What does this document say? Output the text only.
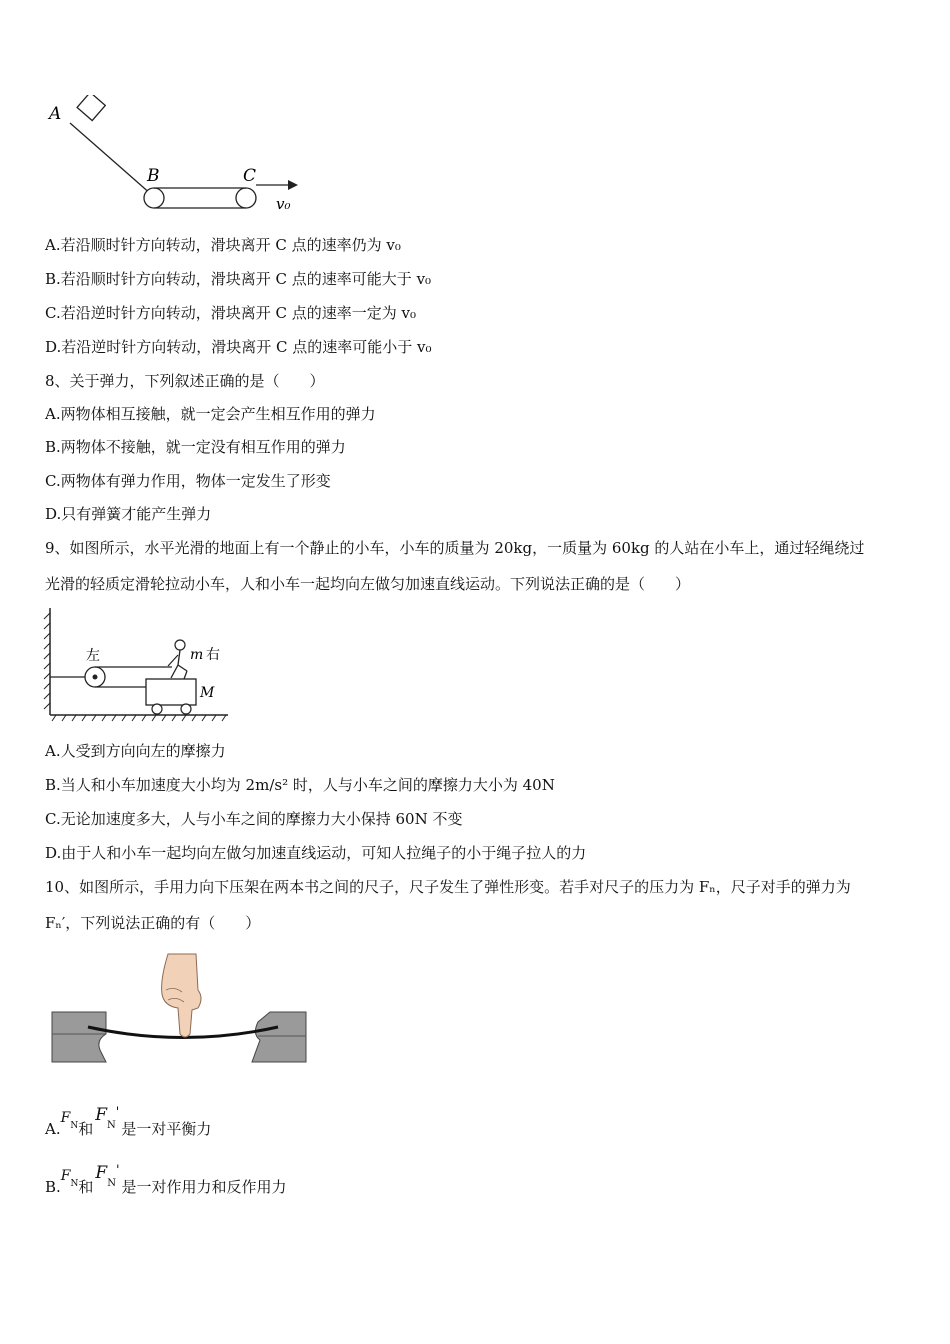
A
B	C
v₀
A.若沿顺时针方向转动，滑块离开 C 点的速率仍为 v₀
B.若沿顺时针方向转动，滑块离开 C 点的速率可能大于 v₀
C.若沿逆时针方向转动，滑块离开 C 点的速率一定为 v₀
D.若沿逆时针方向转动，滑块离开 C 点的速率可能小于 v₀
8、关于弹力，下列叙述正确的是（　　）
A.两物体相互接触，就一定会产生相互作用的弹力
B.两物体不接触，就一定没有相互作用的弹力
C.两物体有弹力作用，物体一定发生了形变
D.只有弹簧才能产生弹力
9、如图所示，水平光滑的地面上有一个静止的小车，小车的质量为 20kg，一质量为 60kg 的人站在小车上，通过轻绳绕过
光滑的轻质定滑轮拉动小车，人和小车一起均向左做匀加速直线运动。下列说法正确的是（　　）
左	m 右
M
A.人受到方向向左的摩擦力
B.当人和小车加速度大小均为 2m/s² 时，人与小车之间的摩擦力大小为 40N
C.无论加速度多大，人与小车之间的摩擦力大小保持 60N 不变
D.由于人和小车一起均向左做匀加速直线运动，可知人拉绳子的小于绳子拉人的力
10、如图所示，手用力向下压架在两本书之间的尺子，尺子发生了弹性形变。若手对尺子的压力为 Fₙ，尺子对手的弹力为
Fₙ′，下列说法正确的有（　　）
$A.F_N$和$F_N'$是一对平衡力
$B.F_N$和$F_N'$是一对作用力和反作用力
